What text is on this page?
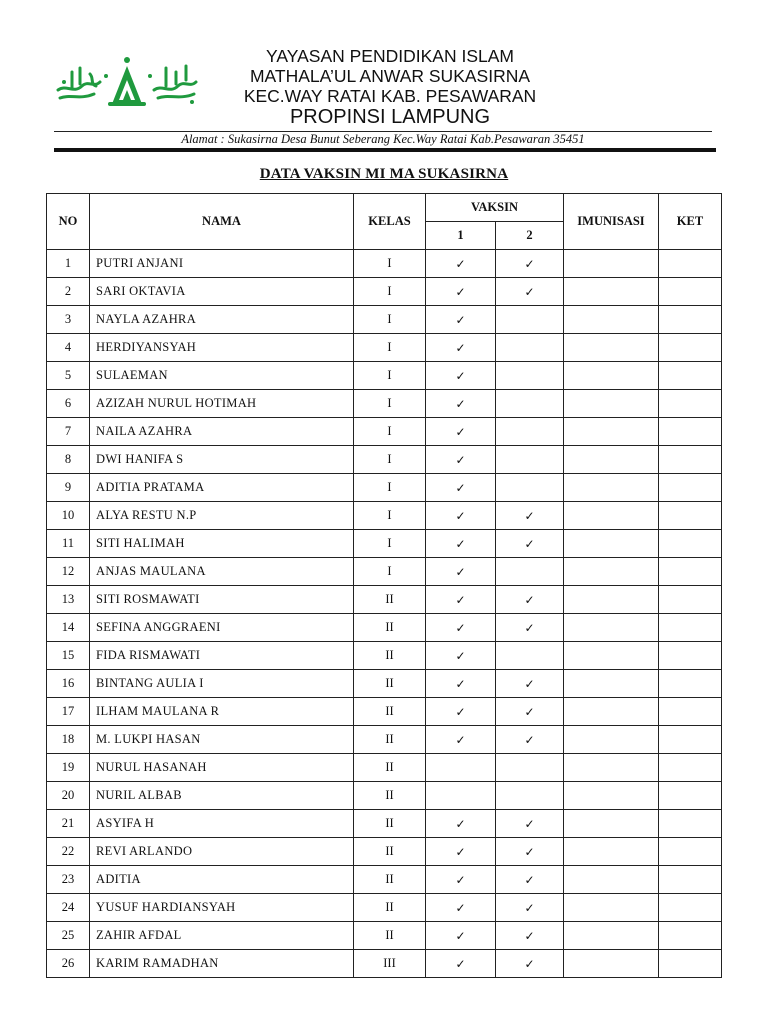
YAYASAN PENDIDIKAN ISLAM
MATHALA’UL ANWAR SUKASIRNA
KEC.WAY RATAI KAB. PESAWARAN
PROPINSI LAMPUNG
Alamat : Sukasirna Desa Bunut Seberang Kec.Way Ratai Kab.Pesawaran 35451
DATA VAKSIN MI MA SUKASIRNA
NO	NAMA	KELAS	VAKSIN		IMUNISASI	KET
			1	2		
1	PUTRI ANJANI	I	✓	✓		
2	SARI OKTAVIA	I	✓	✓		
3	NAYLA AZAHRA	I	✓			
4	HERDIYANSYAH	I	✓			
5	SULAEMAN	I	✓			
6	AZIZAH NURUL HOTIMAH	I	✓			
7	NAILA AZAHRA	I	✓			
8	DWI HANIFA S	I	✓			
9	ADITIA PRATAMA	I	✓			
10	ALYA RESTU N.P	I	✓	✓		
11	SITI HALIMAH	I	✓	✓		
12	ANJAS MAULANA	I	✓			
13	SITI ROSMAWATI	II	✓	✓		
14	SEFINA ANGGRAENI	II	✓	✓		
15	FIDA RISMAWATI	II	✓			
16	BINTANG AULIA I	II	✓	✓		
17	ILHAM MAULANA R	II	✓	✓		
18	M. LUKPI HASAN	II	✓	✓		
19	NURUL HASANAH	II				
20	NURIL ALBAB	II				
21	ASYIFA H	II	✓	✓		
22	REVI ARLANDO	II	✓	✓		
23	ADITIA	II	✓	✓		
24	YUSUF HARDIANSYAH	II	✓	✓		
25	ZAHIR AFDAL	II	✓	✓		
26	KARIM RAMADHAN	III	✓	✓		
